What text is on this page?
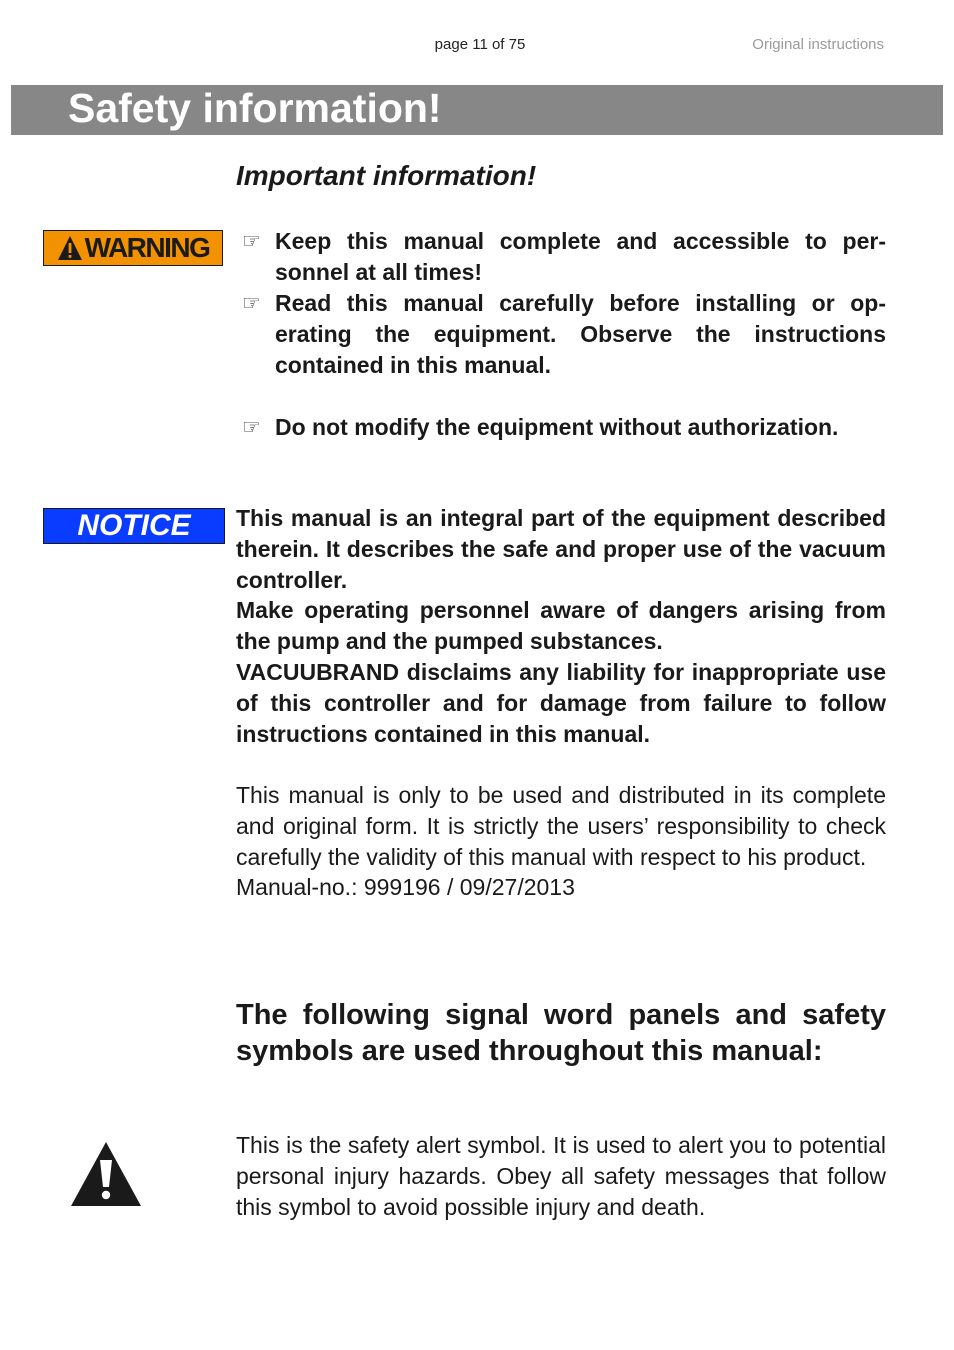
page 11 of 75	Original instructions
Safety information!
Important information!
WARNING ☞ Keep this manual complete and accessible to personnel at all times!
☞ Read this manual carefully before installing or operating the equipment. Observe the instructions contained in this manual.
☞ Do not modify the equipment without authorization.
NOTICE This manual is an integral part of the equipment described therein. It describes the safe and proper use of the vacuum controller.

Make operating personnel aware of dangers arising from the pump and the pumped substances.

VACUUBRAND disclaims any liability for inappropriate use of this controller and for damage from failure to follow instructions contained in this manual.

This manual is only to be used and distributed in its complete and original form. It is strictly the users’ responsibility to check carefully the validity of this manual with respect to his product.

Manual-no.: 999196 / 09/27/2013

The following signal word panels and safety symbols are used throughout this manual:

This is the safety alert symbol. It is used to alert you to potential personal injury hazards. Obey all safety messages that follow this symbol to avoid possible injury and death.
